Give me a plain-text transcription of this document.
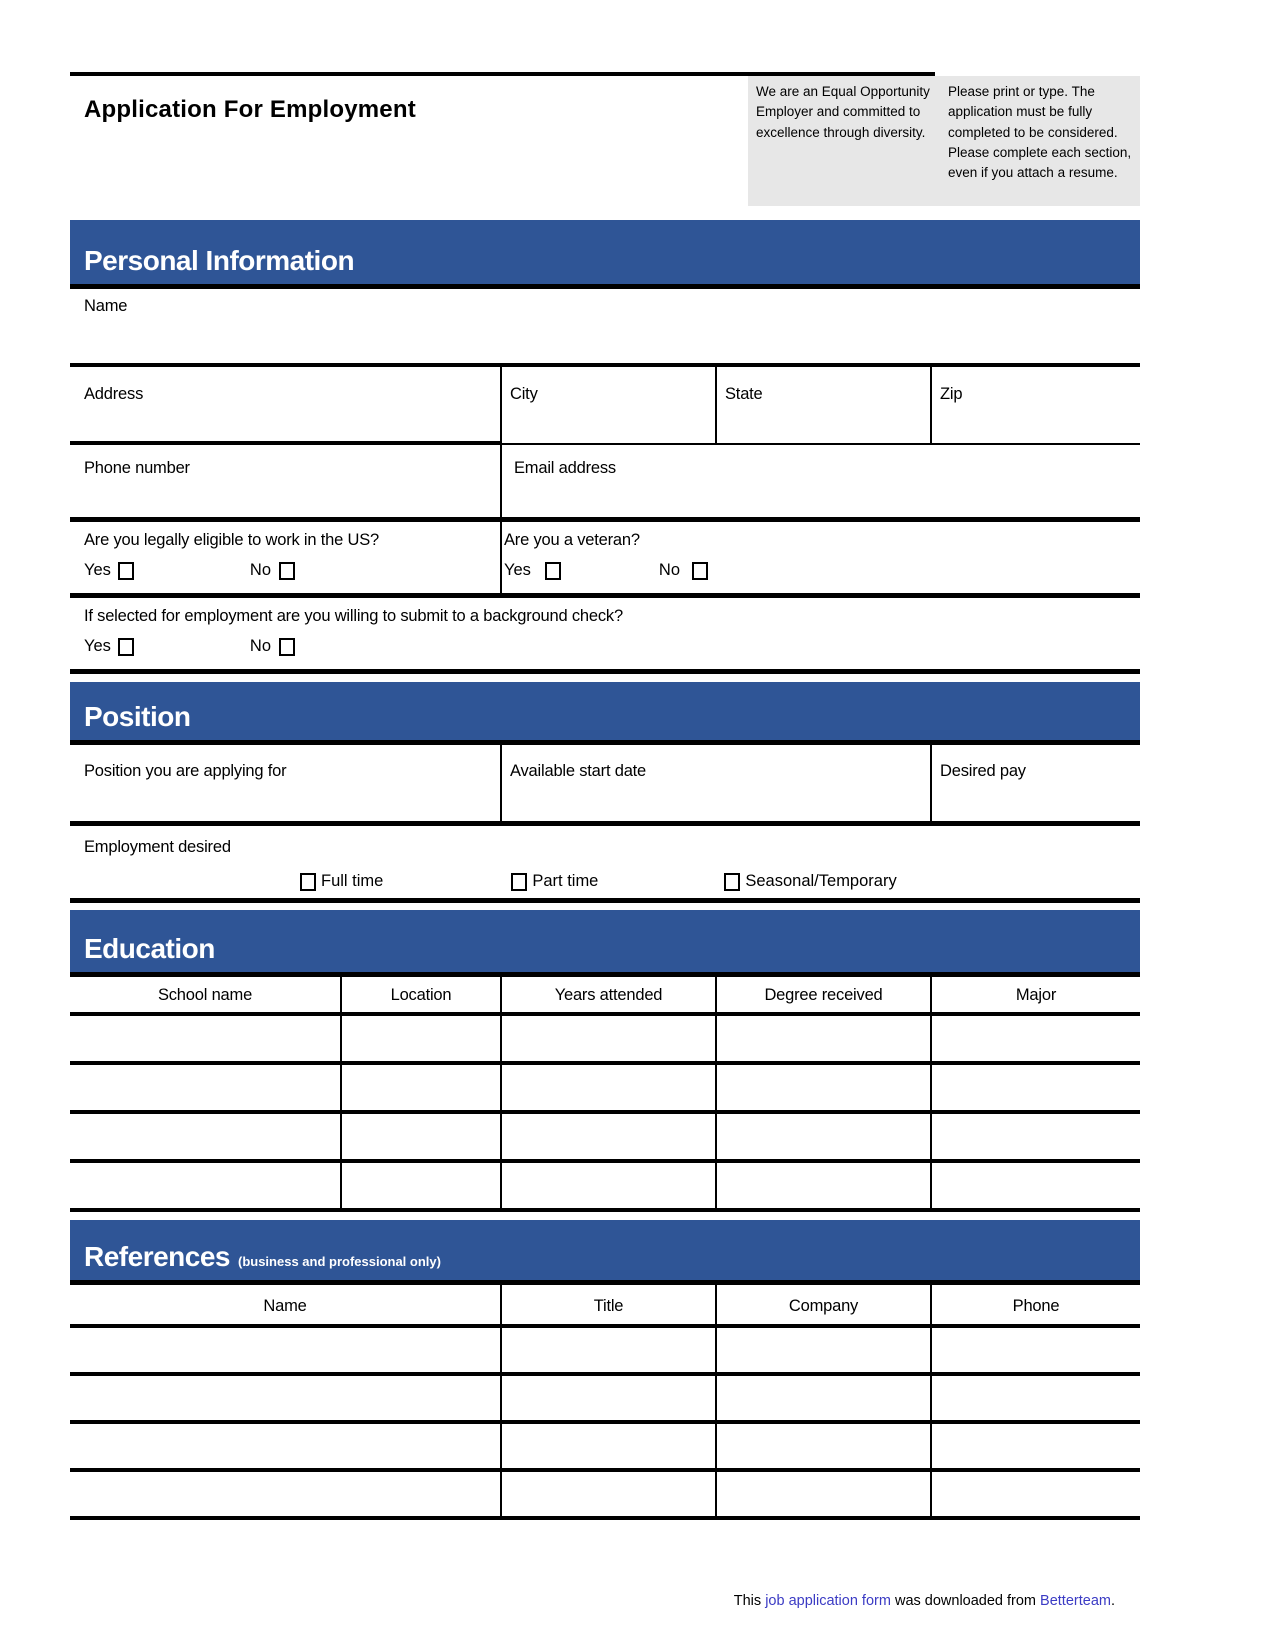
Application For Employment

We are an Equal Opportunity Employer and committed to excellence through diversity.

Please print or type. The application must be fully completed to be considered. Please complete each section, even if you attach a resume.

Personal Information
Name
Address	City	State	Zip
Phone number	Email address
Are you legally eligible to work in the US?
Yes	No
Are you a veteran?
Yes	No
If selected for employment are you willing to submit to a background check?
Yes	No
Position
Position you are applying for	Available start date	Desired pay
Employment desired
Full time	Part time	Seasonal/Temporary
Education
School name	Location	Years attended	Degree received	Major
References (business and professional only)
Name	Title	Company	Phone
This job application form was downloaded from Betterteam.
